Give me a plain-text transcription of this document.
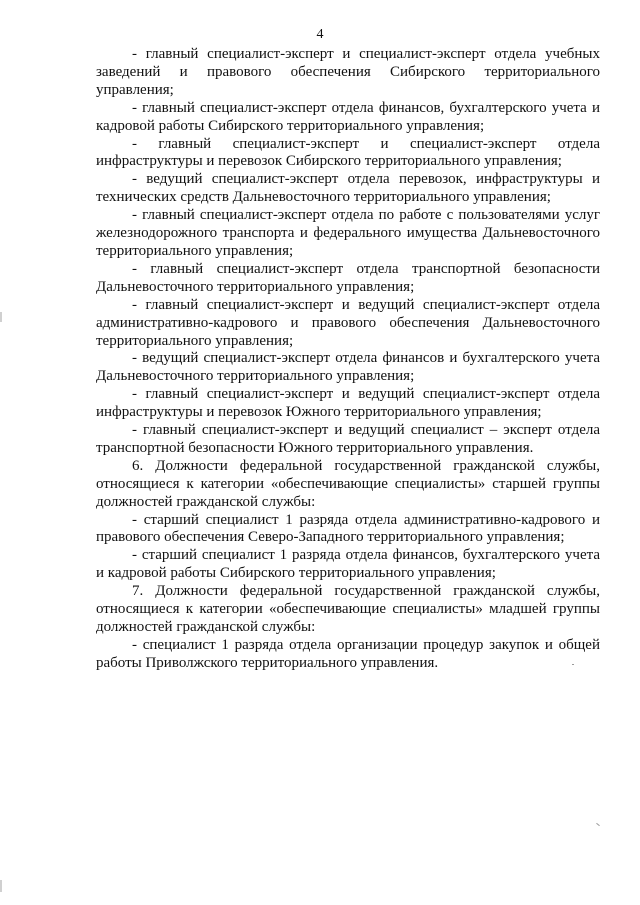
4

- главный специалист-эксперт и специалист-эксперт отдела учебных заведений и правового обеспечения Сибирского территориального управления;

- главный специалист-эксперт отдела финансов, бухгалтерского учета и кадровой работы Сибирского территориального управления;

- главный специалист-эксперт и специалист-эксперт отдела инфраструктуры и перевозок Сибирского территориального управления;

- ведущий специалист-эксперт отдела перевозок, инфраструктуры и технических средств Дальневосточного территориального управления;

- главный специалист-эксперт отдела по работе с пользователями услуг железнодорожного транспорта и федерального имущества Дальневосточного территориального управления;

- главный специалист-эксперт отдела транспортной безопасности Дальневосточного территориального управления;

- главный специалист-эксперт и ведущий специалист-эксперт отдела административно-кадрового и правового обеспечения Дальневосточного территориального управления;

- ведущий специалист-эксперт отдела финансов и бухгалтерского учета Дальневосточного территориального управления;

- главный специалист-эксперт и ведущий специалист-эксперт отдела инфраструктуры и перевозок Южного территориального управления;

- главный специалист-эксперт и ведущий специалист – эксперт отдела транспортной безопасности Южного территориального управления.

6. Должности федеральной государственной гражданской службы, относящиеся к категории «обеспечивающие специалисты» старшей группы должностей гражданской службы:

- старший специалист 1 разряда отдела административно-кадрового и правового обеспечения Северо-Западного территориального управления;

- старший специалист 1 разряда отдела финансов, бухгалтерского учета и кадровой работы Сибирского территориального управления;

7. Должности федеральной государственной гражданской службы, относящиеся к категории «обеспечивающие специалисты» младшей группы должностей гражданской службы:

- специалист 1 разряда отдела организации процедур закупок и общей работы Приволжского территориального управления.
